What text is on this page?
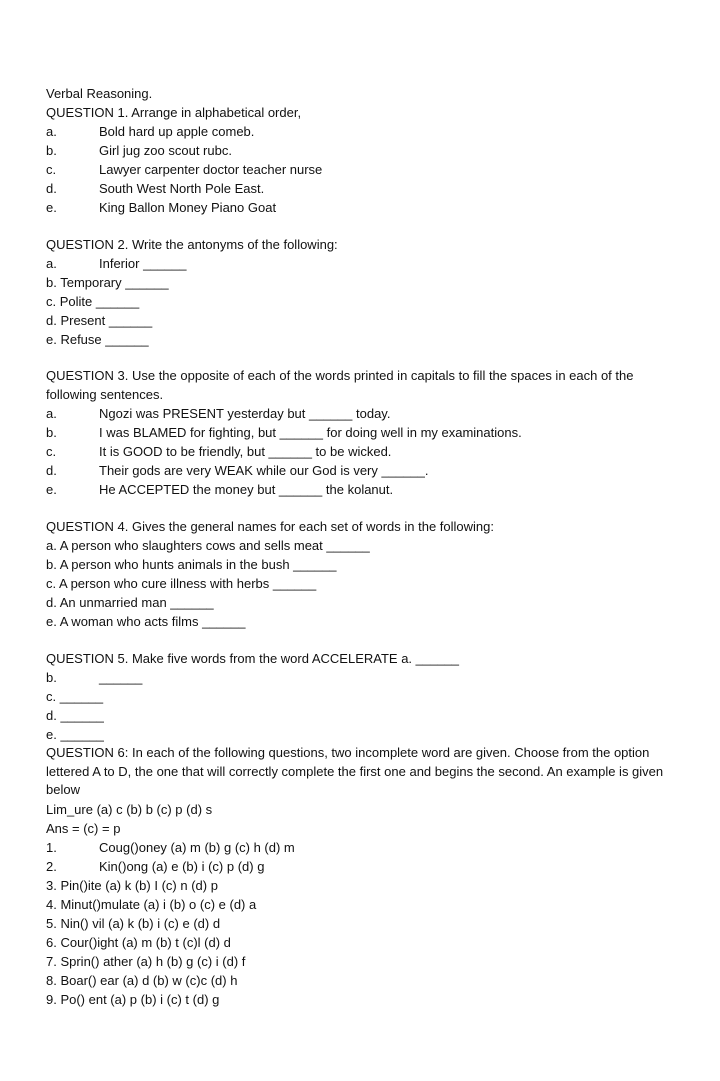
Verbal Reasoning.
QUESTION 1. Arrange in alphabetical order,
a.	Bold hard up apple comeb.
b.	Girl jug zoo scout rubc.
c.	Lawyer carpenter doctor teacher nurse
d.	South West North Pole East.
e.	King Ballon Money Piano Goat
QUESTION 2. Write the antonyms of the following:
a.	Inferior ______
b. Temporary ______
c. Polite ______
d. Present ______
e. Refuse ______
QUESTION 3. Use the opposite of each of the words printed in capitals to fill the spaces in each of the following sentences.
a.	Ngozi was PRESENT yesterday but ______ today.
b.	I was BLAMED for fighting, but ______ for doing well in my examinations.
c.	It is GOOD to be friendly, but ______ to be wicked.
d.	Their gods are very WEAK while our God is very ______.
e.	He ACCEPTED the money but ______ the kolanut.
QUESTION 4. Gives the general names for each set of words in the following:
a. A person who slaughters cows and sells meat ______
b. A person who hunts animals in the bush ______
c. A person who cure illness with herbs ______
d. An unmarried man ______
e. A woman who acts films ______
QUESTION 5. Make five words from the word ACCELERATE a. ______
b.	______
c. ______
d. ______
e. ______
QUESTION 6: In each of the following questions, two incomplete word are given. Choose from the option lettered A to D, the one that will correctly complete the first one and begins the second. An example is given below
Lim_ure (a) c (b) b (c) p (d) s
Ans = (c) = p
1.	Coug()oney (a) m (b) g (c) h (d) m
2.	Kin()ong (a) e (b) i (c) p (d) g
3. Pin()ite (a) k (b) I (c) n (d) p
4. Minut()mulate (a) i (b) o (c) e (d) a
5. Nin() vil (a) k (b) i (c) e (d) d
6. Cour()ight (a) m (b) t (c)l (d) d
7. Sprin() ather (a) h (b) g (c) i (d) f
8. Boar() ear (a) d (b) w (c)c (d) h
9. Po() ent (a) p (b) i (c) t (d) g
